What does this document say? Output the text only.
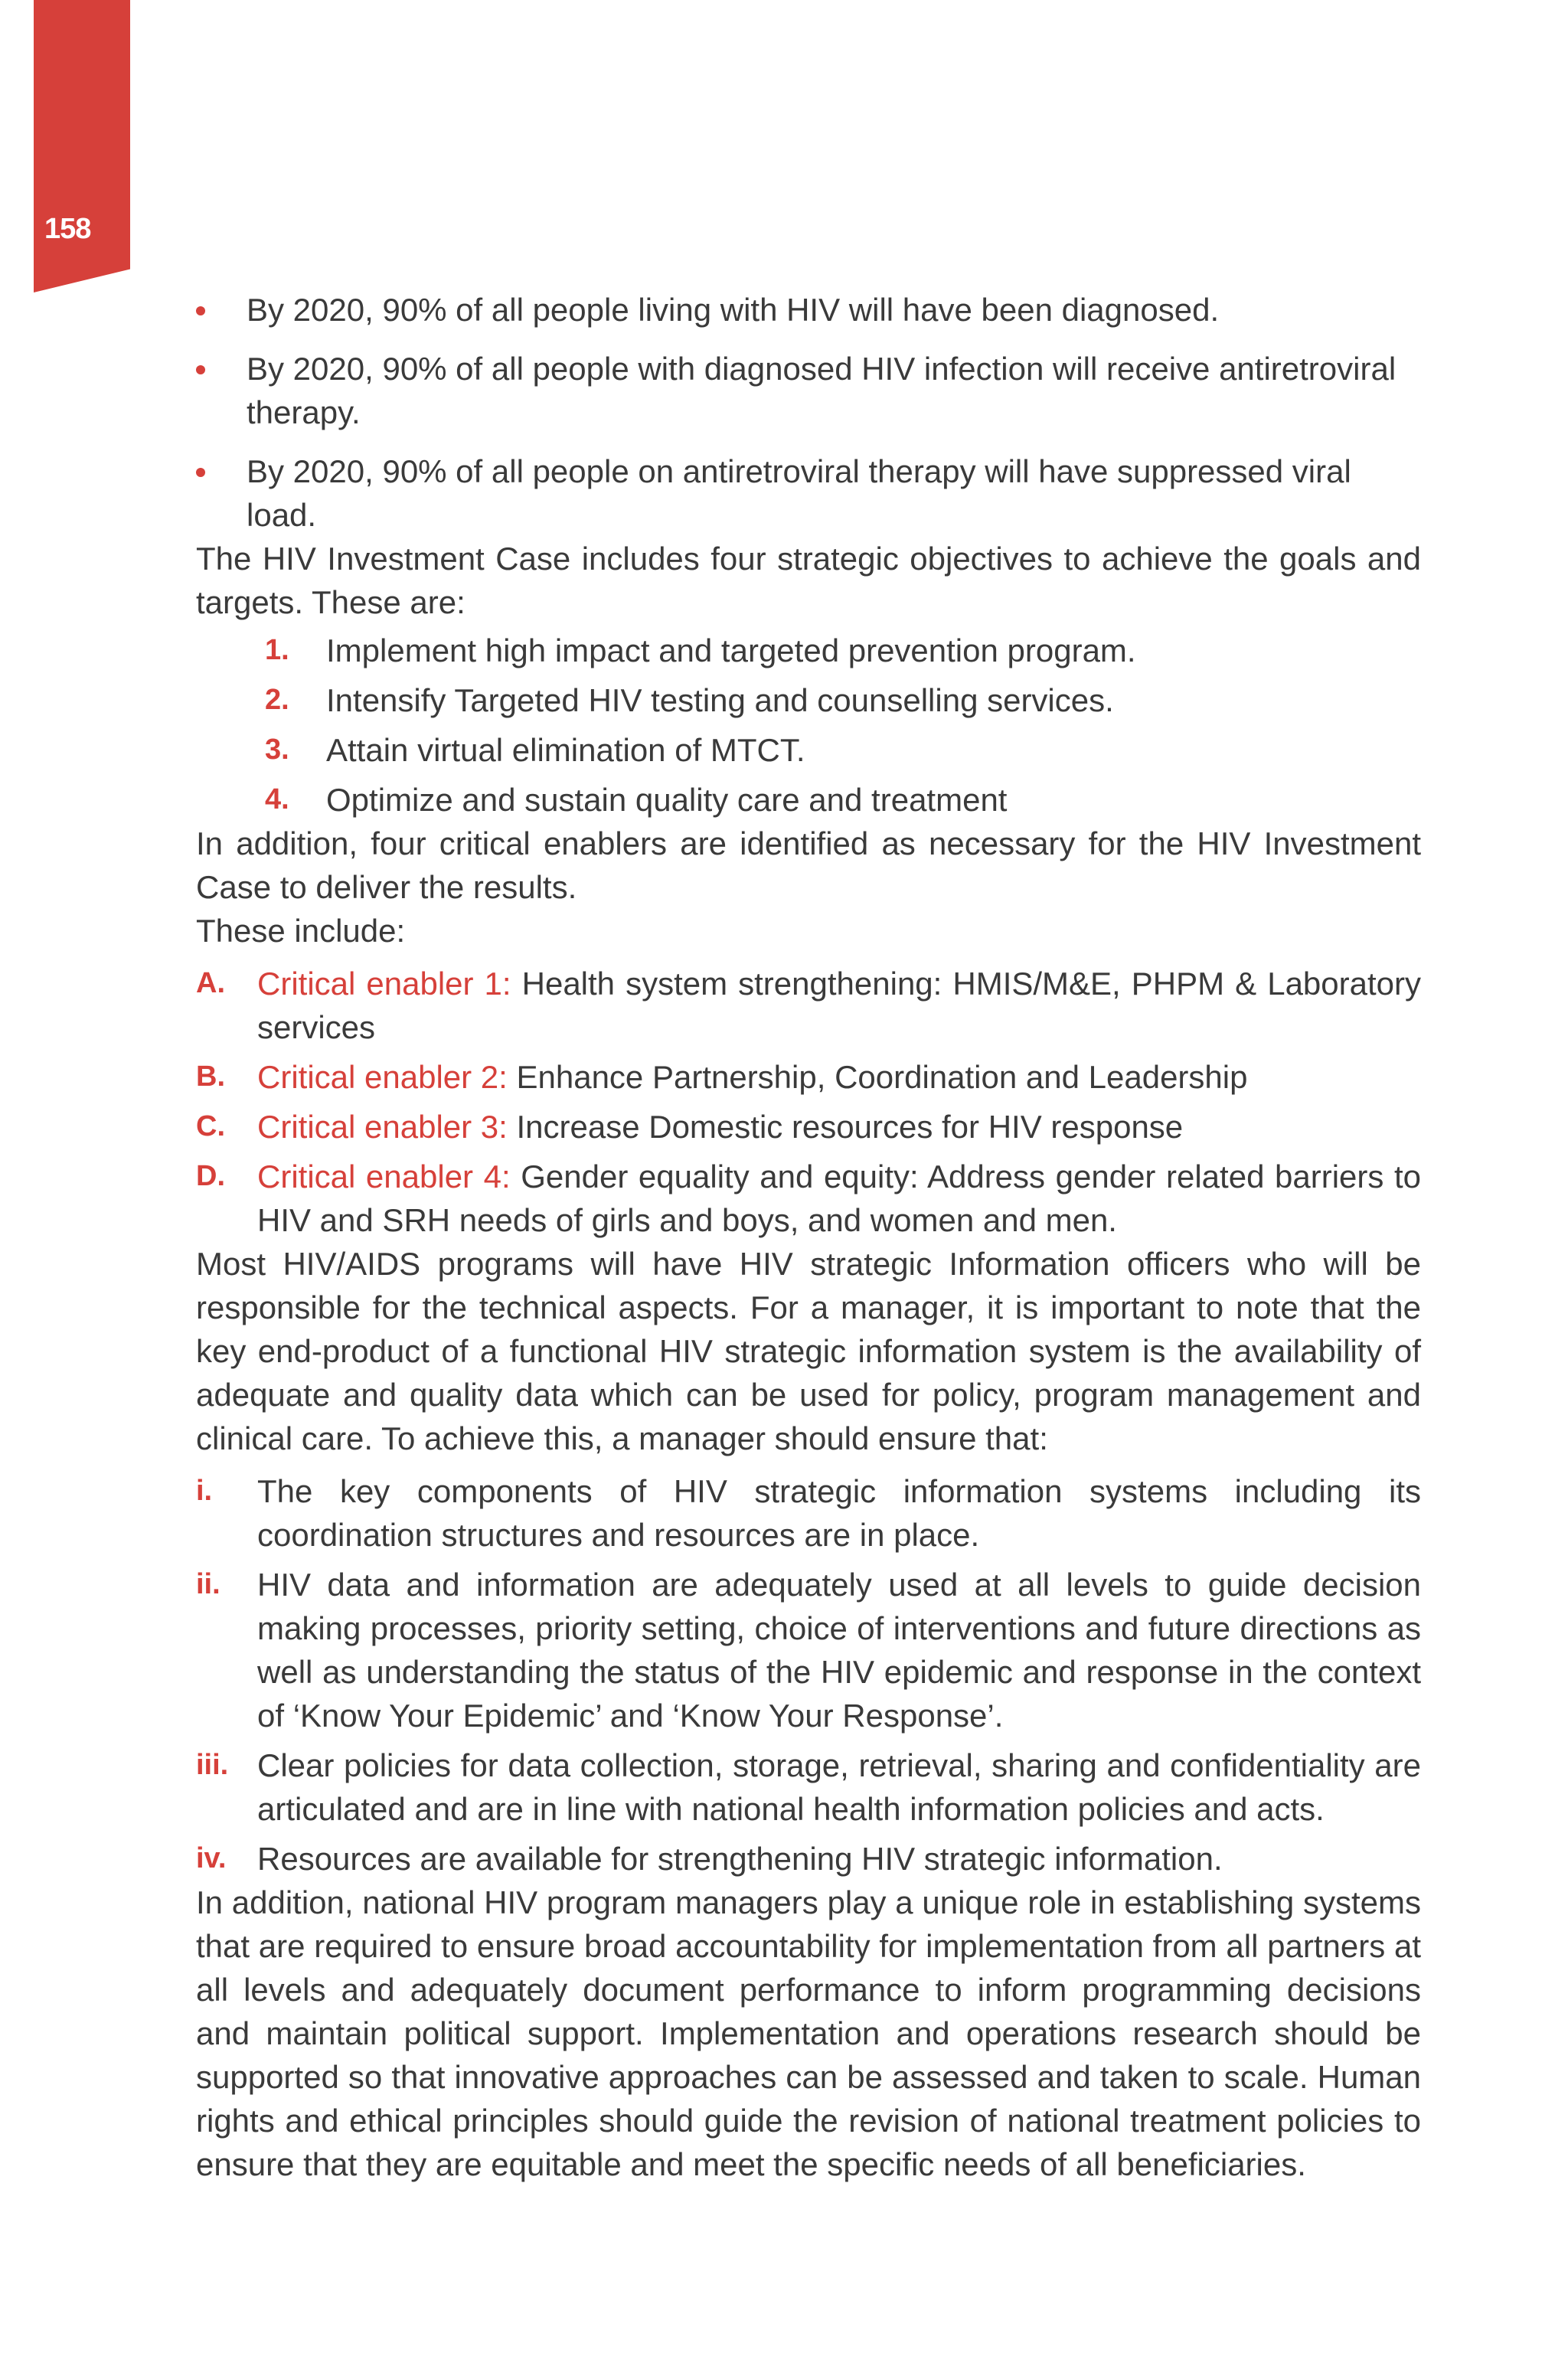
158
By 2020, 90% of all people living with HIV will have been diagnosed.
By 2020, 90% of all people with diagnosed HIV infection will receive antiretroviral therapy.
By 2020, 90% of all people on antiretroviral therapy will have suppressed viral load.

The HIV Investment Case includes four strategic objectives to achieve the goals and targets. These are:

1. Implement high impact and targeted prevention program.
2. Intensify Targeted HIV testing and counselling services.
3. Attain virtual elimination of MTCT.
4. Optimize and sustain quality care and treatment

In addition, four critical enablers are identified as necessary for the HIV Investment Case to deliver the results.

These include:

A. Critical enabler 1: Health system strengthening: HMIS/M&E, PHPM & Laboratory services
B. Critical enabler 2: Enhance Partnership, Coordination and Leadership
C. Critical enabler 3: Increase Domestic resources for HIV response
D. Critical enabler 4: Gender equality and equity: Address gender related barriers to HIV and SRH needs of girls and boys, and women and men.

Most HIV/AIDS programs will have HIV strategic Information officers who will be responsible for the technical aspects. For a manager, it is important to note that the key end-product of a functional HIV strategic information system is the availability of adequate and quality data which can be used for policy, program management and clinical care. To achieve this, a manager should ensure that:

i. The key components of HIV strategic information systems including its coordination structures and resources are in place.
ii. HIV data and information are adequately used at all levels to guide decision making processes, priority setting, choice of interventions and future directions as well as understanding the status of the HIV epidemic and response in the context of ‘Know Your Epidemic’ and ‘Know Your Response’.
iii. Clear policies for data collection, storage, retrieval, sharing and confidentiality are articulated and are in line with national health information policies and acts.
iv. Resources are available for strengthening HIV strategic information.

In addition, national HIV program managers play a unique role in establishing systems that are required to ensure broad accountability for implementation from all partners at all levels and adequately document performance to inform programming decisions and maintain political support. Implementation and operations research should be supported so that innovative approaches can be assessed and taken to scale. Human rights and ethical principles should guide the revision of national treatment policies to ensure that they are equitable and meet the specific needs of all beneficiaries.
